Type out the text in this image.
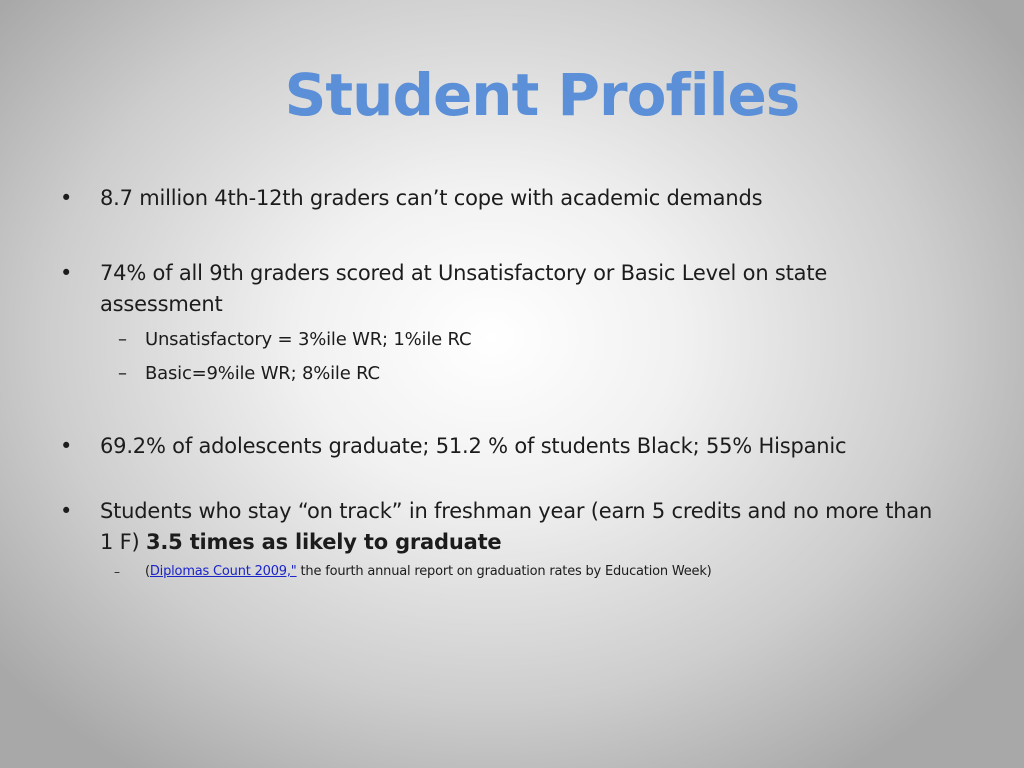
Student Profiles
• 8.7 million 4th-12th graders can’t cope with academic demands
• 74% of all 9th graders scored at Unsatisfactory or Basic Level on state assessment
– Unsatisfactory = 3%ile WR; 1%ile RC
– Basic=9%ile WR; 8%ile RC
• 69.2% of adolescents graduate; 51.2 % of students Black; 55% Hispanic
• Students who stay “on track” in freshman year (earn 5 credits and no more than 1 F) 3.5 times as likely to graduate
– (Diplomas Count 2009," the fourth annual report on graduation rates by Education Week)
